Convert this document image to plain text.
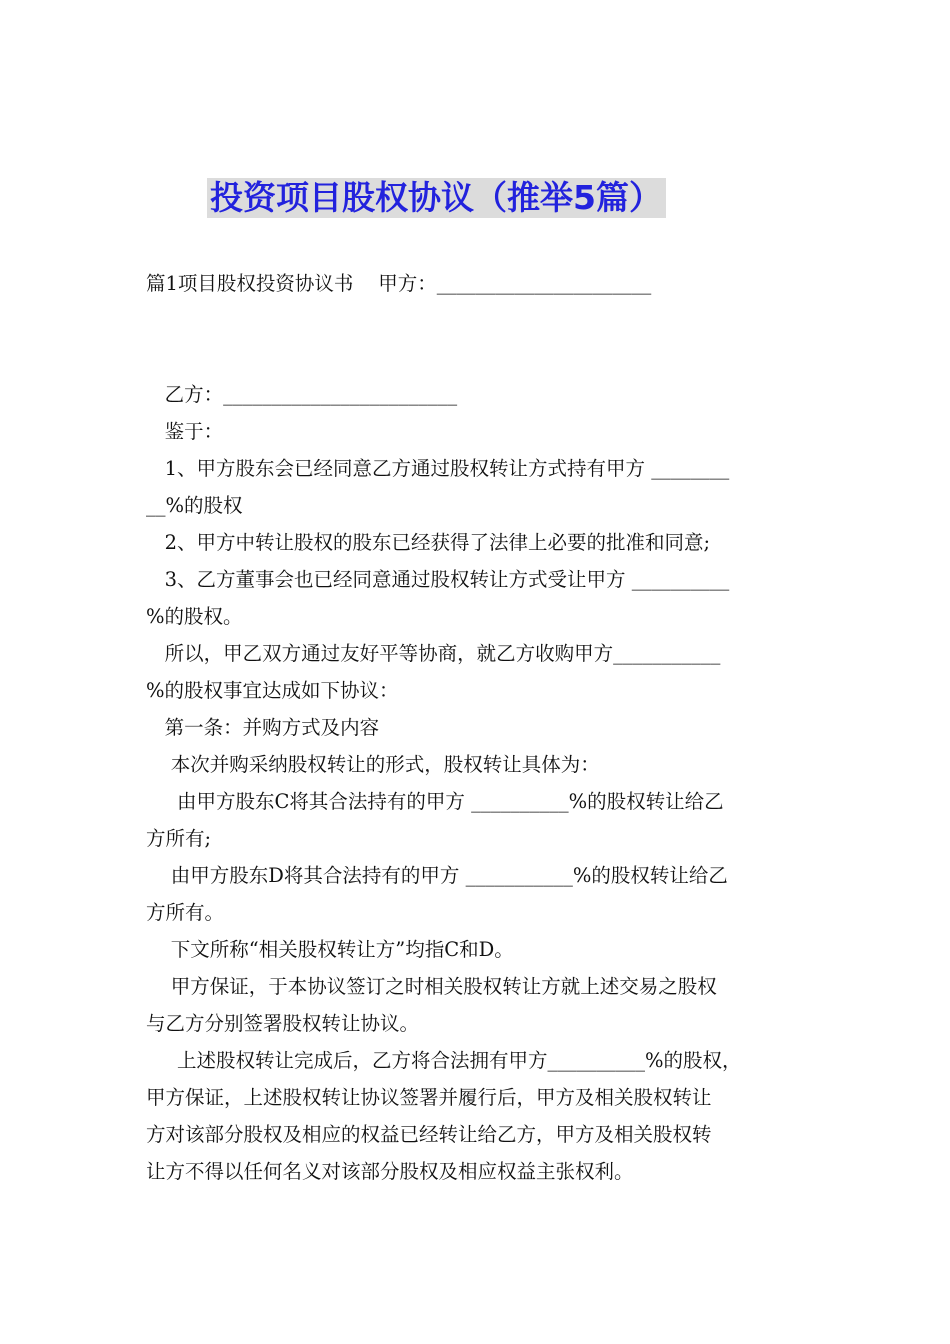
投资项目股权协议（推举5篇）

篇1项目股权投资协议书    甲方：______________________

乙方：________________________

鉴于：

1、甲方股东会已经同意乙方通过股权转让方式持有甲方 ________

__%的股权

2、甲方中转让股权的股东已经获得了法律上必要的批准和同意;

3、乙方董事会也已经同意通过股权转让方式受让甲方 __________

%的股权。

所以，甲乙双方通过友好平等协商，就乙方收购甲方___________

%的股权事宜达成如下协议：

第一条：并购方式及内容

本次并购采纳股权转让的形式，股权转让具体为：

由甲方股东C将其合法持有的甲方 __________%的股权转让给乙

方所有;

由甲方股东D将其合法持有的甲方 ___________%的股权转让给乙

方所有。

下文所称“相关股权转让方”均指C和D。

甲方保证，于本协议签订之时相关股权转让方就上述交易之股权

与乙方分别签署股权转让协议。

上述股权转让完成后，乙方将合法拥有甲方__________%的股权，

甲方保证，上述股权转让协议签署并履行后，甲方及相关股权转让

方对该部分股权及相应的权益已经转让给乙方，甲方及相关股权转

让方不得以任何名义对该部分股权及相应权益主张权利。
